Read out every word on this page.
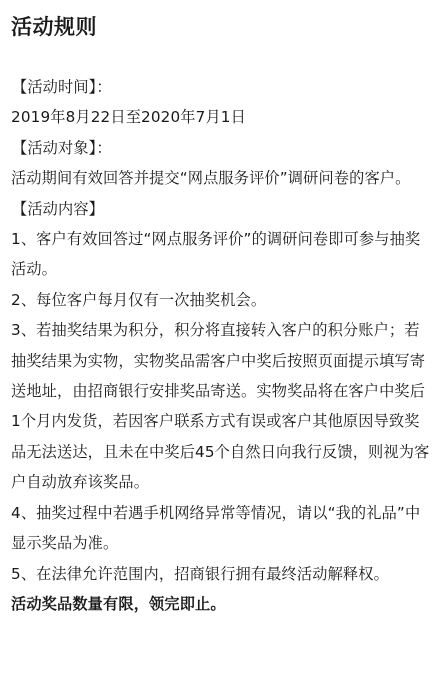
活动规则

【活动时间】：

2019年8月22日至2020年7月1日

【活动对象】：

活动期间有效回答并提交“网点服务评价”调研问卷的客户。

【活动内容】

1、客户有效回答过“网点服务评价”的调研问卷即可参与抽奖活动。

2、每位客户每月仅有一次抽奖机会。

3、若抽奖结果为积分，积分将直接转入客户的积分账户；若抽奖结果为实物，实物奖品需客户中奖后按照页面提示填写寄送地址，由招商银行安排奖品寄送。实物奖品将在客户中奖后1个月内发货，若因客户联系方式有误或客户其他原因导致奖品无法送达，且未在中奖后45个自然日向我行反馈，则视为客户自动放弃该奖品。

4、抽奖过程中若遇手机网络异常等情况，请以“我的礼品”中显示奖品为准。

5、在法律允许范围内，招商银行拥有最终活动解释权。

活动奖品数量有限，领完即止。
